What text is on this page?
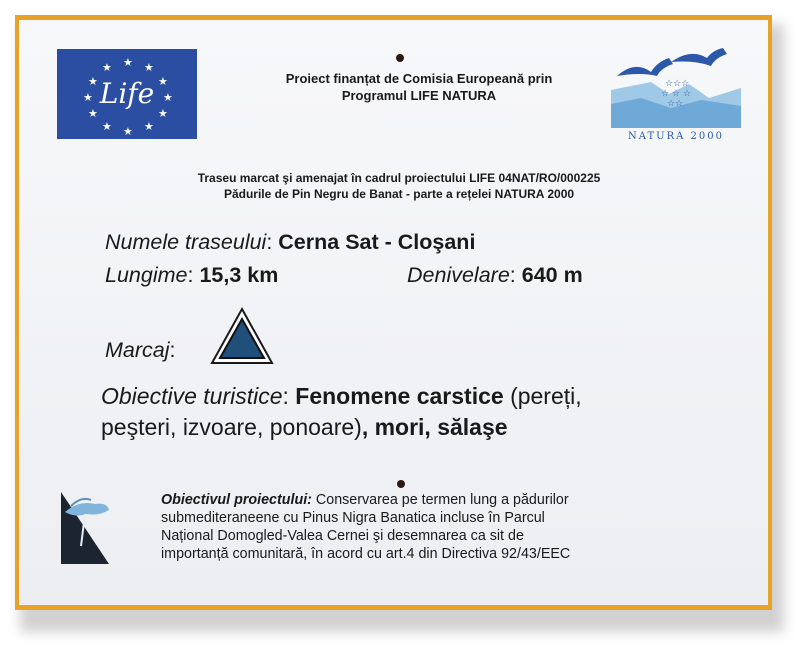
★ ★
★
★
★
★
★
★
★
★
★
★
Life	Proiect finanțat de Comisia Europeană prin
Programul LIFE NATURA
☆☆☆
☆ ☆ ☆
☆☆
NATURA 2000
Traseu marcat şi amenajat în cadrul proiectului LIFE 04NAT/RO/000225
Pădurile de Pin Negru de Banat - parte a rețelei NATURA 2000
Numele traseului: Cerna Sat - Cloşani
Lungime: 15,3 km	Denivelare: 640 m
Marcaj:
Obiective turistice: Fenomene carstice (pereți,
peşteri, izvoare, ponoare), mori, sălaşe
Obiectivul proiectului: Conservarea pe termen lung a pădurilor
submediteraneene cu Pinus Nigra Banatica incluse în Parcul
Național Domogled-Valea Cernei şi desemnarea ca sit de
importanță comunitară, în acord cu art.4 din Directiva 92/43/EEC
